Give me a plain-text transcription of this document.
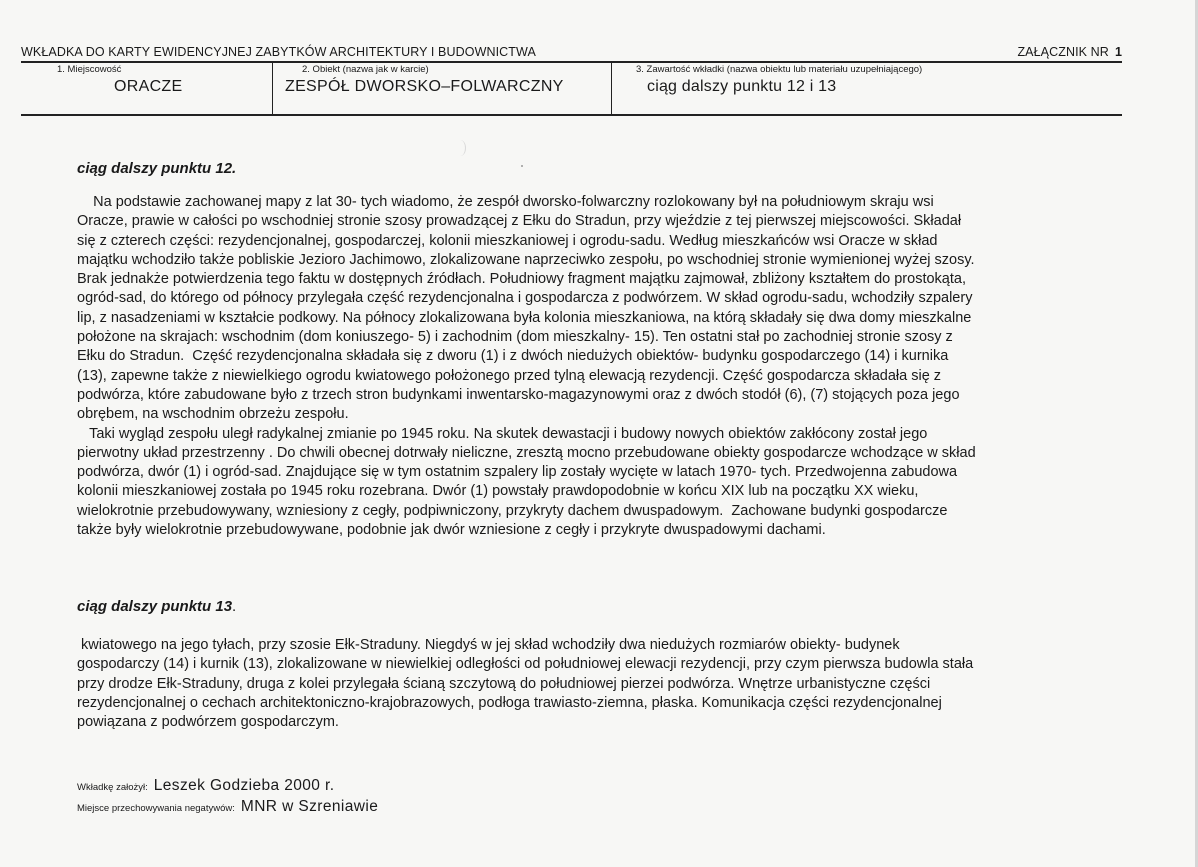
WKŁADKA DO KARTY EWIDENCYJNEJ ZABYTKÓW ARCHITEKTURY I BUDOWNICTWA	ZAŁĄCZNIK NR 1
1. Miejscowość
ORACZE
2. Obiekt (nazwa jak w karcie)
ZESPÓŁ DWORSKO–FOLWARCZNY
3. Zawartość wkładki (nazwa obiektu lub materiału uzupełniającego)
ciąg dalszy punktu 12 i 13
ciąg dalszy punktu 12.

Na podstawie zachowanej mapy z lat 30- tych wiadomo, że zespół dworsko-folwarczny rozlokowany był na południowym skraju wsi
Oracze, prawie w całości po wschodniej stronie szosy prowadzącej z Ełku do Stradun, przy wjeździe z tej pierwszej miejscowości. Składał
się z czterech części: rezydencjonalnej, gospodarczej, kolonii mieszkaniowej i ogrodu-sadu. Według mieszkańców wsi Oracze w skład
majątku wchodziło także pobliskie Jezioro Jachimowo, zlokalizowane naprzeciwko zespołu, po wschodniej stronie wymienionej wyżej szosy.
Brak jednakże potwierdzenia tego faktu w dostępnych źródłach. Południowy fragment majątku zajmował, zbliżony kształtem do prostokąta,
ogród-sad, do którego od północy przylegała część rezydencjonalna i gospodarcza z podwórzem. W skład ogrodu-sadu, wchodziły szpalery
lip, z nasadzeniami w kształcie podkowy. Na północy zlokalizowana była kolonia mieszkaniowa, na którą składały się dwa domy mieszkalne
położone na skrajach: wschodnim (dom koniuszego- 5) i zachodnim (dom mieszkalny- 15). Ten ostatni stał po zachodniej stronie szosy z
Ełku do Stradun.  Część rezydencjonalna składała się z dworu (1) i z dwóch niedużych obiektów- budynku gospodarczego (14) i kurnika
(13), zapewne także z niewielkiego ogrodu kwiatowego położonego przed tylną elewacją rezydencji. Część gospodarcza składała się z
podwórza, które zabudowane było z trzech stron budynkami inwentarsko-magazynowymi oraz z dwóch stodół (6), (7) stojących poza jego
obrębem, na wschodnim obrzeżu zespołu.
Taki wygląd zespołu uległ radykalnej zmianie po 1945 roku. Na skutek dewastacji i budowy nowych obiektów zakłócony został jego
pierwotny układ przestrzenny . Do chwili obecnej dotrwały nieliczne, zresztą mocno przebudowane obiekty gospodarcze wchodzące w skład
podwórza, dwór (1) i ogród-sad. Znajdujące się w tym ostatnim szpalery lip zostały wycięte w latach 1970- tych. Przedwojenna zabudowa
kolonii mieszkaniowej została po 1945 roku rozebrana. Dwór (1) powstały prawdopodobnie w końcu XIX lub na początku XX wieku,
wielokrotnie przebudowywany, wzniesiony z cegły, podpiwniczony, przykryty dachem dwuspadowym.  Zachowane budynki gospodarcze
także były wielokrotnie przebudowywane, podobnie jak dwór wzniesione z cegły i przykryte dwuspadowymi dachami.

ciąg dalszy punktu 13.

kwiatowego na jego tyłach, przy szosie Ełk-Straduny. Niegdyś w jej skład wchodziły dwa niedużych rozmiarów obiekty- budynek
gospodarczy (14) i kurnik (13), zlokalizowane w niewielkiej odległości od południowej elewacji rezydencji, przy czym pierwsza budowla stała
przy drodze Ełk-Straduny, druga z kolei przylegała ścianą szczytową do południowej pierzei podwórza. Wnętrze urbanistyczne części
rezydencjonalnej o cechach architektoniczno-krajobrazowych, podłoga trawiasto-ziemna, płaska. Komunikacja części rezydencjonalnej
powiązana z podwórzem gospodarczym.

Wkładkę założył: Leszek Godzieba 2000 r.
Miejsce przechowywania negatywów: MNR w Szreniawie
